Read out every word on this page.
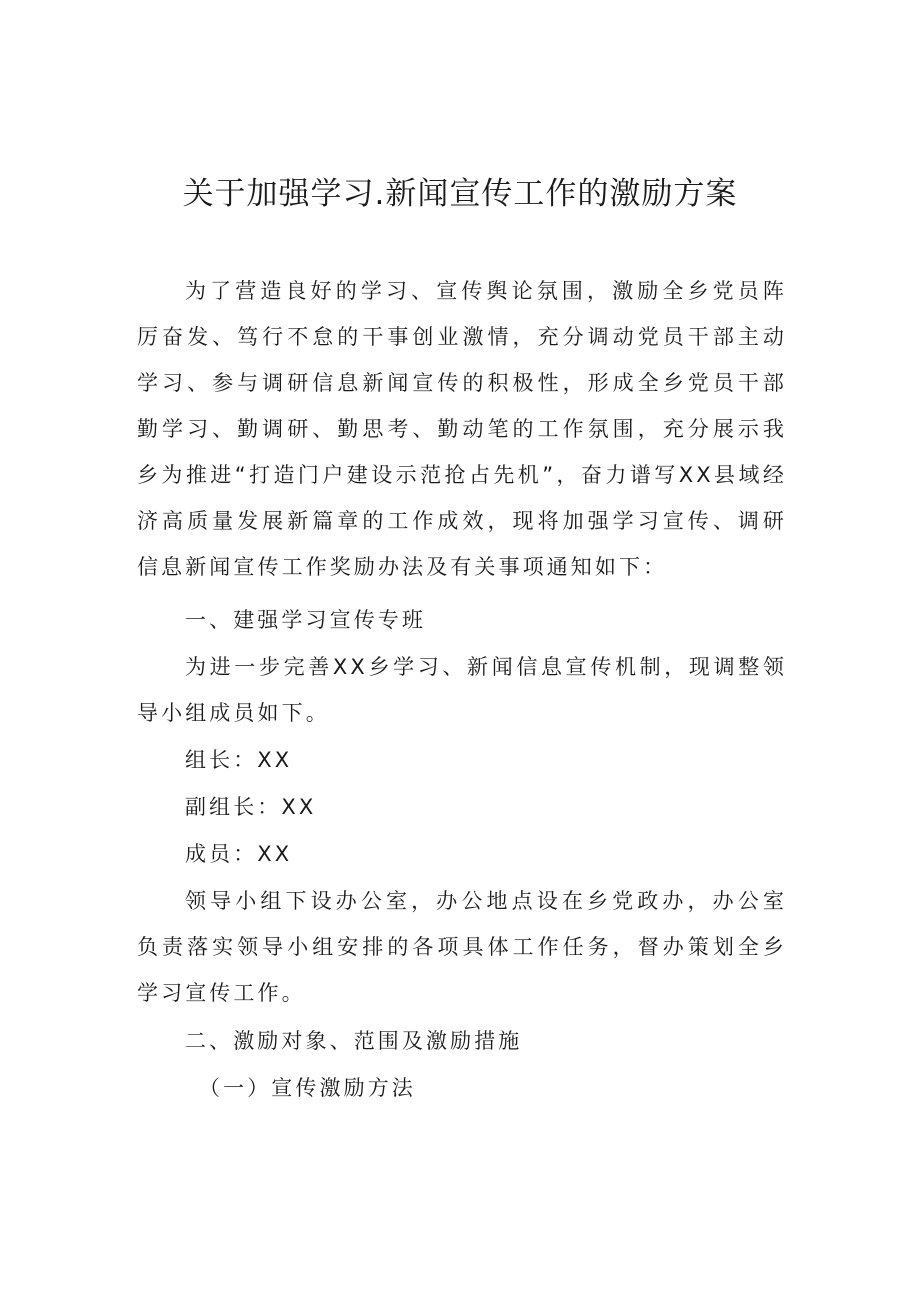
关于加强学习.新闻宣传工作的激励方案

为了营造良好的学习、宣传舆论氛围，激励全乡党员阵厉奋发、笃行不怠的干事创业激情，充分调动党员干部主动学习、参与调研信息新闻宣传的积极性，形成全乡党员干部勤学习、勤调研、勤思考、勤动笔的工作氛围，充分展示我乡为推进“打造门户建设示范抢占先机”，奋力谱写XX县域经济高质量发展新篇章的工作成效，现将加强学习宣传、调研信息新闻宣传工作奖励办法及有关事项通知如下：

一、建强学习宣传专班

为进一步完善XX乡学习、新闻信息宣传机制，现调整领导小组成员如下。

组长：XX

副组长：XX

成员：XX

领导小组下设办公室，办公地点设在乡党政办，办公室负责落实领导小组安排的各项具体工作任务，督办策划全乡学习宣传工作。

二、激励对象、范围及激励措施

（一）宣传激励方法
